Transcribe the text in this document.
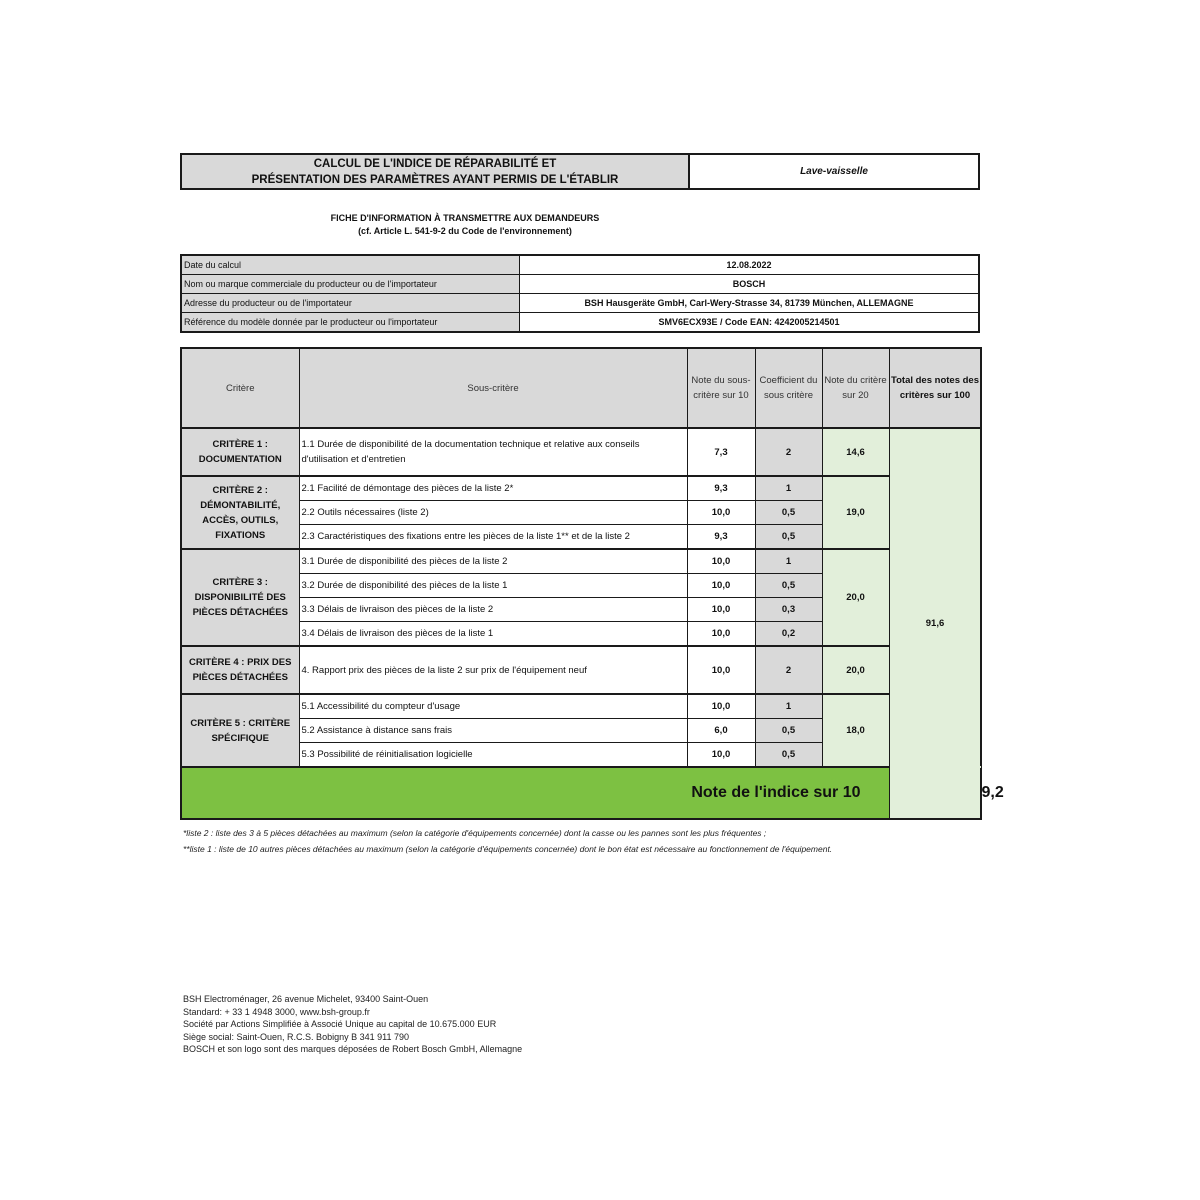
CALCUL DE L'INDICE DE RÉPARABILITÉ ET
PRÉSENTATION DES PARAMÈTRES AYANT PERMIS DE L'ÉTABLIR
Lave-vaisselle
FICHE D'INFORMATION À TRANSMETTRE AUX DEMANDEURS
(cf. Article L. 541-9-2 du Code de l'environnement)
Date du calcul	12.08.2022
Nom ou marque commerciale du producteur ou de l'importateur	BOSCH
Adresse du producteur ou de l'importateur	BSH Hausgeräte GmbH, Carl-Wery-Strasse 34, 81739 München, ALLEMAGNE
Référence du modèle donnée par le producteur ou l'importateur	SMV6ECX93E / Code EAN: 4242005214501
Critère	Sous-critère	Note du sous-critère sur 10	Coefficient du sous critère	Note du critère sur 20	Total des notes des critères sur 100	
CRITÈRE 1 : DOCUMENTATION	1.1 Durée de disponibilité de la documentation technique et relative aux conseils d'utilisation et d'entretien	7,3	2	14,6	91,6	
CRITÈRE 2 : DÉMONTABILITÉ, ACCÈS, OUTILS, FIXATIONS	2.1 Facilité de démontage des pièces de la liste 2*	9,3	1	19,0		
	2.2 Outils nécessaires (liste 2)	10,0	0,5			
	2.3 Caractéristiques des fixations entre les pièces de la liste 1** et de la liste 2	9,3	0,5			
CRITÈRE 3 : DISPONIBILITÉ DES PIÈCES DÉTACHÉES	3.1 Durée de disponibilité des pièces de la liste 2	10,0	1	20,0		
	3.2 Durée de disponibilité des pièces de la liste 1	10,0	0,5			
	3.3 Délais de livraison des pièces de la liste 2	10,0	0,3			
	3.4 Délais de livraison des pièces de la liste 1	10,0	0,2			
CRITÈRE 4 : PRIX DES PIÈCES DÉTACHÉES	4. Rapport prix des pièces de la liste 2 sur prix de l'équipement neuf	10,0	2	20,0		
CRITÈRE 5 : CRITÈRE SPÉCIFIQUE	5.1 Accessibilité du compteur d'usage	10,0	1	18,0		
	5.2 Assistance à distance sans frais	6,0	0,5			
	5.3 Possibilité de réinitialisation logicielle	10,0	0,5			
Note de l'indice sur 10						9,2
*liste 2 : liste des 3 à 5 pièces détachées au maximum (selon la catégorie d'équipements concernée) dont la casse ou les pannes sont les plus fréquentes ;
**liste 1 : liste de 10 autres pièces détachées au maximum (selon la catégorie d'équipements concernée) dont le bon état est nécessaire au fonctionnement de l'équipement.
BSH Electroménager, 26 avenue Michelet, 93400 Saint-Ouen
Standard: + 33 1 4948 3000, www.bsh-group.fr
Société par Actions Simplifiée à Associé Unique au capital de 10.675.000 EUR
Siège social: Saint-Ouen, R.C.S. Bobigny B 341 911 790
BOSCH et son logo sont des marques déposées de Robert Bosch GmbH, Allemagne
